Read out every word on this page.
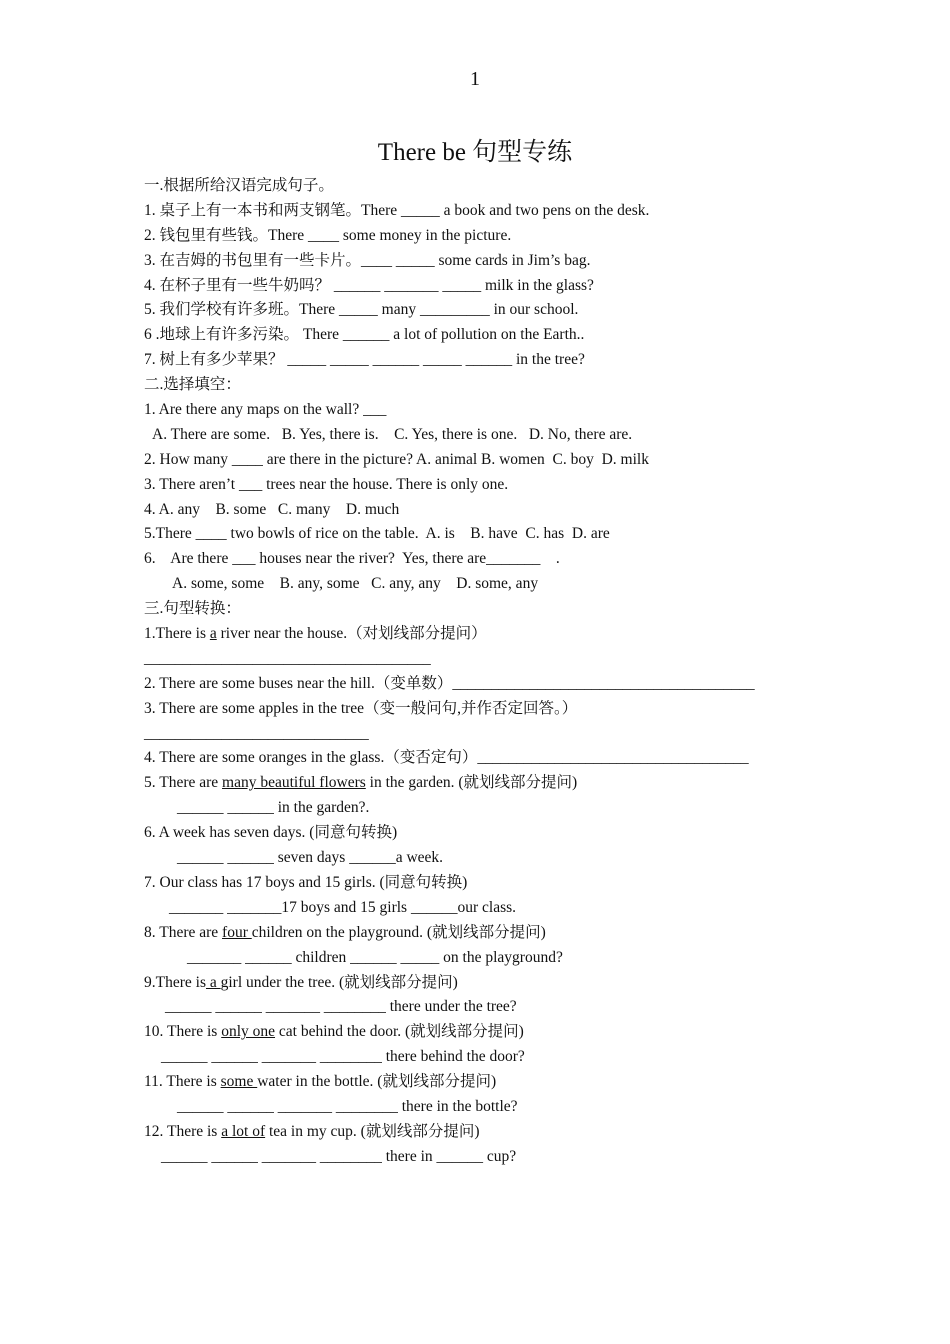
1
There be 句型专练
一.根据所给汉语完成句子。
1. 桌子上有一本书和两支钢笔。There _____ a book and two pens on the desk.
2. 钱包里有些钱。There ____ some money in the picture.
3. 在吉姆的书包里有一些卡片。____ _____ some cards in Jim’s bag.
4. 在杯子里有一些牛奶吗？ ______ _______ _____ milk in the glass?
5. 我们学校有许多班。There _____ many _________ in our school.
6 .地球上有许多污染。 There ______ a lot of pollution on the Earth..
7. 树上有多少苹果？ _____ _____ ______ _____ ______ in the tree?
二.选择填空：
1. Are there any maps on the wall? ___
A. There are some.   B. Yes, there is.    C. Yes, there is one.   D. No, there are.
2. How many ____ are there in the picture? A. animal B. women  C. boy  D. milk
3. There aren’t ___ trees near the house. There is only one.
4. A. any    B. some   C. many    D. much
5.There ____ two bowls of rice on the table.  A. is    B. have  C. has  D. are
6.    Are there ___ houses near the river?  Yes, there are_______    .
A. some, some    B. any, some   C. any, any    D. some, any
三.句型转换：
1.There is a river near the house.（对划线部分提问）
_____________________________________
2. There are some buses near the hill.（变单数）_______________________________________
3. There are some apples in the tree（变一般问句,并作否定回答。）
_____________________________
4. There are some oranges in the glass.（变否定句）___________________________________
5. There are many beautiful flowers in the garden. (就划线部分提问)
______ ______ in the garden?.
6. A week has seven days. (同意句转换)
______ ______ seven days ______a week.
7. Our class has 17 boys and 15 girls. (同意句转换)
_______ _______17 boys and 15 girls ______our class.
8. There are four children on the playground. (就划线部分提问)
_______ ______ children ______ _____ on the playground?
9.There is a girl under the tree. (就划线部分提问)
______ ______ _______ ________ there under the tree?
10. There is only one cat behind the door. (就划线部分提问)
______ ______ _______ ________ there behind the door?
11. There is some water in the bottle. (就划线部分提问)
______ ______ _______ ________ there in the bottle?
12. There is a lot of tea in my cup. (就划线部分提问)
______ ______ _______ ________ there in ______ cup?
